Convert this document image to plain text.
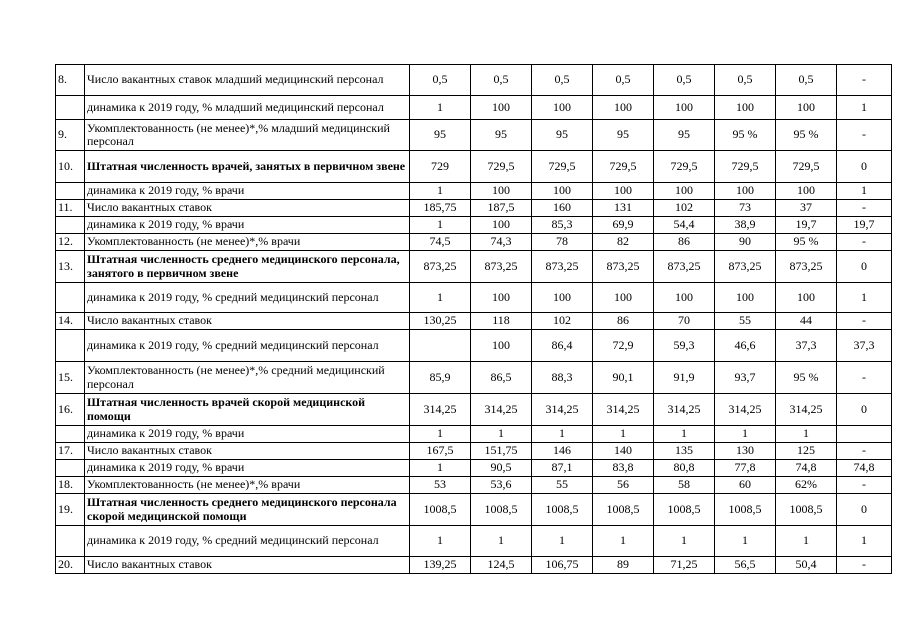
8.	Число вакантных ставок младший медицинский персонал	0,5	0,5	0,5	0,5	0,5	0,5	0,5	-
	динамика к 2019 году, % младший медицинский персонал	1	100	100	100	100	100	100	1
9.	Укомплектованность (не менее)*,% младший медицинский персонал	95	95	95	95	95	95 %	95 %	-
10.	Штатная численность врачей, занятых в первичном звене	729	729,5	729,5	729,5	729,5	729,5	729,5	0
	динамика к 2019 году, % врачи	1	100	100	100	100	100	100	1
11.	Число вакантных ставок	185,75	187,5	160	131	102	73	37	-
	динамика к 2019 году, % врачи	1	100	85,3	69,9	54,4	38,9	19,7	19,7
12.	Укомплектованность (не менее)*,% врачи	74,5	74,3	78	82	86	90	95 %	-
13.	Штатная численность среднего медицинского персонала, занятого в первичном звене	873,25	873,25	873,25	873,25	873,25	873,25	873,25	0
	динамика к 2019 году, % средний медицинский персонал	1	100	100	100	100	100	100	1
14.	Число вакантных ставок	130,25	118	102	86	70	55	44	-
	динамика к 2019 году, % средний медицинский персонал		100	86,4	72,9	59,3	46,6	37,3	37,3
15.	Укомплектованность (не менее)*,% средний медицинский персонал	85,9	86,5	88,3	90,1	91,9	93,7	95 %	-
16.	Штатная численность врачей скорой медицинской помощи	314,25	314,25	314,25	314,25	314,25	314,25	314,25	0
	динамика к 2019 году, % врачи	1	1	1	1	1	1	1	
17.	Число вакантных ставок	167,5	151,75	146	140	135	130	125	-
	динамика к 2019 году, % врачи	1	90,5	87,1	83,8	80,8	77,8	74,8	74,8
18.	Укомплектованность (не менее)*,% врачи	53	53,6	55	56	58	60	62%	-
19.	Штатная численность среднего медицинского персонала скорой медицинской помощи	1008,5	1008,5	1008,5	1008,5	1008,5	1008,5	1008,5	0
	динамика к 2019 году, % средний медицинский персонал	1	1	1	1	1	1	1	1
20.	Число вакантных ставок	139,25	124,5	106,75	89	71,25	56,5	50,4	-
